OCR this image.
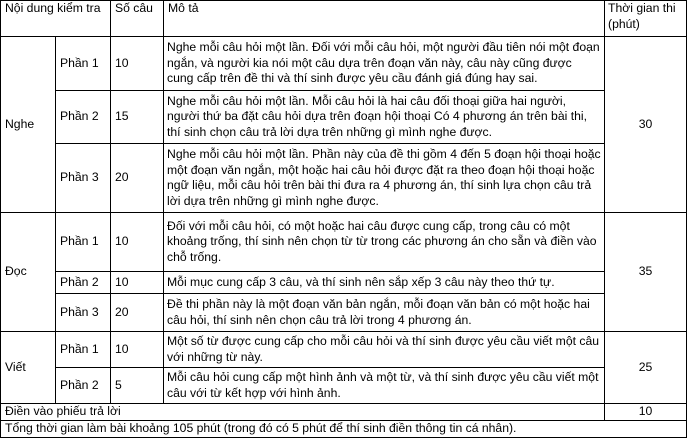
Nội dung kiểm tra		Số câu	Mô tả	Thời gian thi (phút)
Nghe	Phần 1	10	Nghe mỗi câu hỏi một lần. Đối với mỗi câu hỏi, một người đầu tiên nói một đoạn ngắn, và người kia nói một câu dựa trên đoạn văn này, câu này cũng được cung cấp trên đề thi và thí sinh được yêu cầu đánh giá đúng hay sai.	30
	Phần 2	15	Nghe mỗi câu hỏi một lần. Mỗi câu hỏi là hai câu đối thoại giữa hai người, người thứ ba đặt câu hỏi dựa trên đoạn hội thoại Có 4 phương án trên bài thi, thí sinh chọn câu trả lời dựa trên những gì mình nghe được.	
	Phần 3	20	Nghe mỗi câu hỏi một lần. Phần này của đề thi gồm 4 đến 5 đoạn hội thoại hoặc một đoạn văn ngắn, một hoặc hai câu hỏi được đặt ra theo đoạn hội thoại hoặc ngữ liệu, mỗi câu hỏi trên bài thi đưa ra 4 phương án, thí sinh lựa chọn câu trả lời dựa trên những gì mình nghe được.	
Đọc	Phần 1	10	Đối với mỗi câu hỏi, có một hoặc hai câu được cung cấp, trong câu có một khoảng trống, thí sinh nên chọn từ từ trong các phương án cho sẵn và điền vào chỗ trống.	35
	Phần 2	10	Mỗi mục cung cấp 3 câu, và thí sinh nên sắp xếp 3 câu này theo thứ tự.	
	Phần 3	20	Đề thi phần này là một đoạn văn bản ngắn, mỗi đoạn văn bản có một hoặc hai câu hỏi, thí sinh nên chọn câu trả lời trong 4 phương án.	
Viết	Phần 1	10	Một số từ được cung cấp cho mỗi câu hỏi và thí sinh được yêu cầu viết một câu với những từ này.	25
	Phần 2	5	Mỗi câu hỏi cung cấp một hình ảnh và một từ, và thí sinh được yêu cầu viết một câu với từ kết hợp với hình ảnh.	
Điền vào phiếu trả lời				10
Tổng thời gian làm bài khoảng 105 phút (trong đó có 5 phút để thí sinh điền thông tin cá nhân).				
